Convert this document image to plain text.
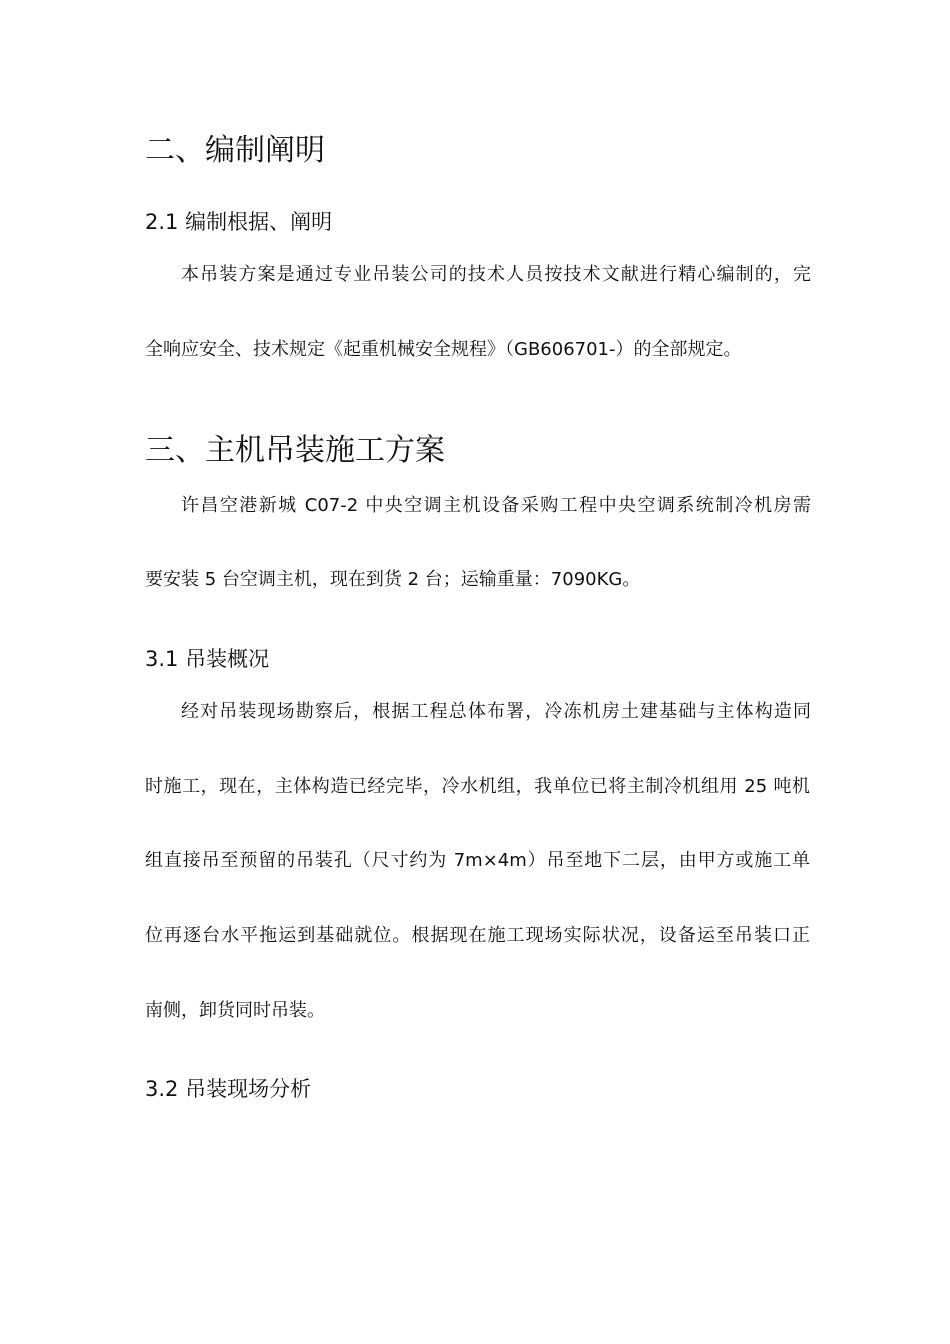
二、编制阐明
2.1 编制根据、阐明
本吊装方案是通过专业吊装公司的技术人员按技术文献进行精心编制的，完
全响应安全、技术规定《起重机械安全规程》（GB606701-）的全部规定。
三、主机吊装施工方案
许昌空港新城 C07-2 中央空调主机设备采购工程中央空调系统制冷机房需
要安装 5 台空调主机，现在到货 2 台；运输重量：7090KG。
3.1 吊装概况
经对吊装现场勘察后，根据工程总体布署，冷冻机房土建基础与主体构造同
时施工，现在，主体构造已经完毕，冷水机组，我单位已将主制冷机组用 25 吨机
组直接吊至预留的吊装孔（尺寸约为 7m×4m）吊至地下二层，由甲方或施工单
位再逐台水平拖运到基础就位。根据现在施工现场实际状况，设备运至吊装口正
南侧，卸货同时吊装。
3.2 吊装现场分析
